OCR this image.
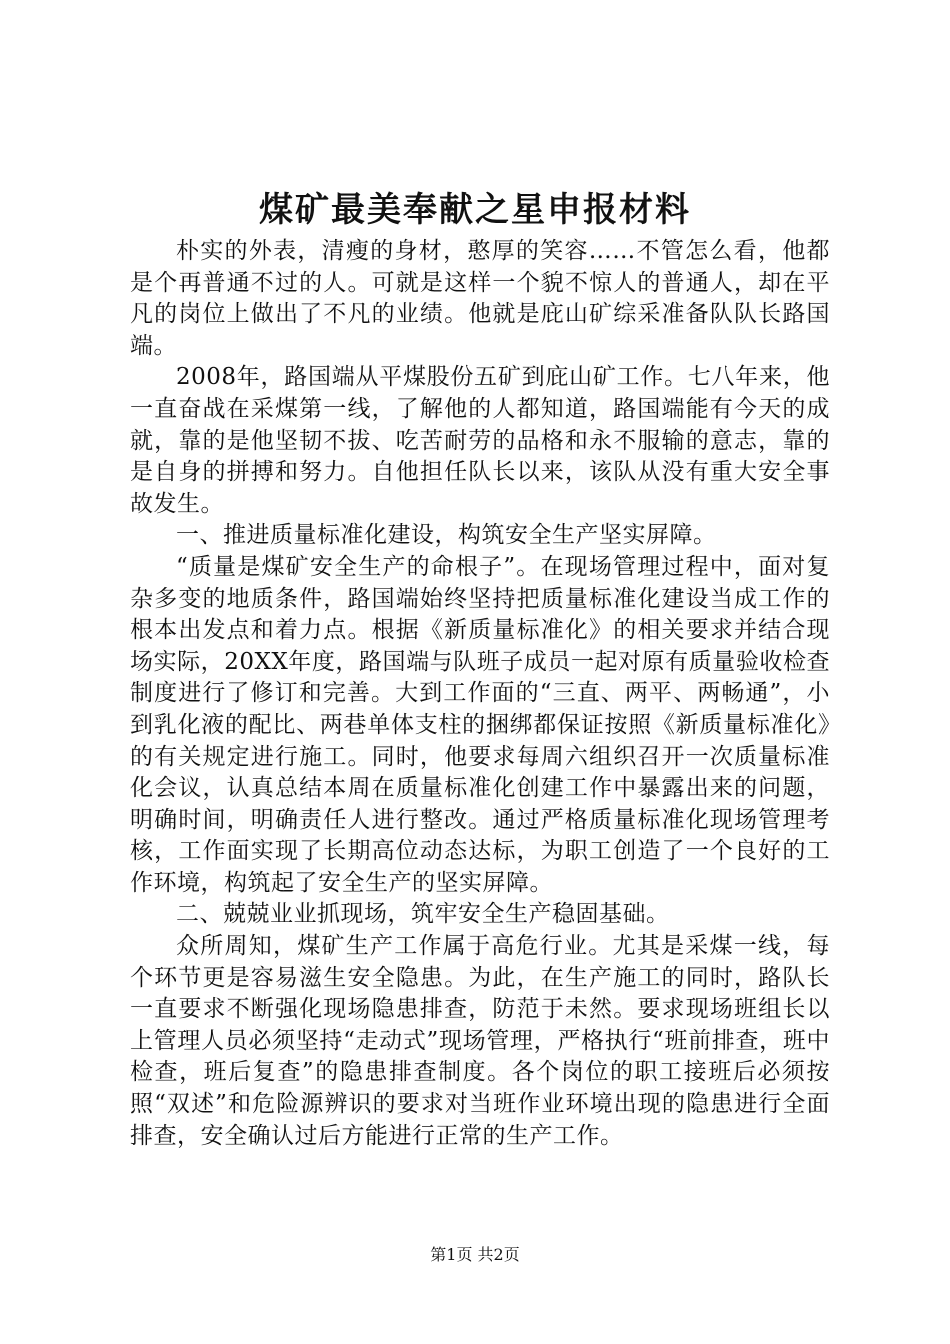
煤矿最美奉献之星申报材料

朴实的外表，清瘦的身材，憨厚的笑容……不管怎么看，他都是个再普通不过的人。可就是这样一个貌不惊人的普通人，却在平凡的岗位上做出了不凡的业绩。他就是庇山矿综采准备队队长路国端。

2008年，路国端从平煤股份五矿到庇山矿工作。七八年来，他一直奋战在采煤第一线，了解他的人都知道，路国端能有今天的成就，靠的是他坚韧不拔、吃苦耐劳的品格和永不服输的意志，靠的是自身的拼搏和努力。自他担任队长以来，该队从没有重大安全事故发生。

一、推进质量标准化建设，构筑安全生产坚实屏障。

“质量是煤矿安全生产的命根子”。在现场管理过程中，面对复杂多变的地质条件，路国端始终坚持把质量标准化建设当成工作的根本出发点和着力点。根据《新质量标准化》的相关要求并结合现场实际，20XX年度，路国端与队班子成员一起对原有质量验收检查制度进行了修订和完善。大到工作面的“三直、两平、两畅通”，小到乳化液的配比、两巷单体支柱的捆绑都保证按照《新质量标准化》的有关规定进行施工。同时，他要求每周六组织召开一次质量标准化会议，认真总结本周在质量标准化创建工作中暴露出来的问题，明确时间，明确责任人进行整改。通过严格质量标准化现场管理考核，工作面实现了长期高位动态达标，为职工创造了一个良好的工作环境，构筑起了安全生产的坚实屏障。

二、兢兢业业抓现场，筑牢安全生产稳固基础。

众所周知，煤矿生产工作属于高危行业。尤其是采煤一线，每个环节更是容易滋生安全隐患。为此，在生产施工的同时，路队长一直要求不断强化现场隐患排查，防范于未然。要求现场班组长以上管理人员必须坚持“走动式”现场管理，严格执行“班前排查，班中检查，班后复查”的隐患排查制度。各个岗位的职工接班后必须按照“双述”和危险源辨识的要求对当班作业环境出现的隐患进行全面排查，安全确认过后方能进行正常的生产工作。

第1页 共2页
